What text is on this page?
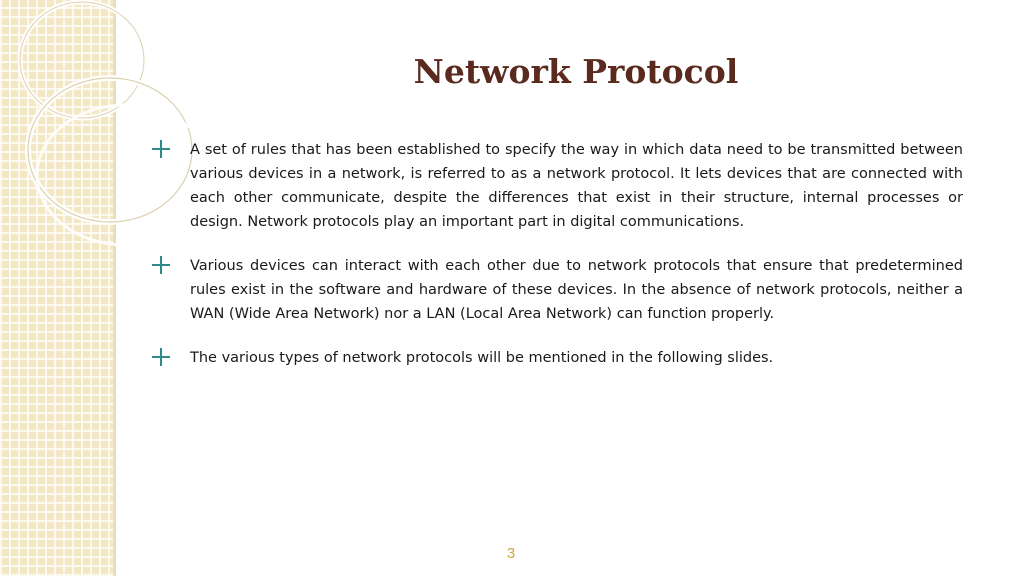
Network Protocol

A set of rules that has been established to specify the way in which data need to be transmitted between various devices in a network, is referred to as a network protocol. It lets devices that are connected with each other communicate, despite the differences that exist in their structure, internal processes or design. Network protocols play an important part in digital communications.

Various devices can interact with each other due to network protocols that ensure that predetermined rules exist in the software and hardware of these devices. In the absence of network protocols, neither a WAN (Wide Area Network) nor a LAN (Local Area Network) can function properly.

The various types of network protocols will be mentioned in the following slides.

3
